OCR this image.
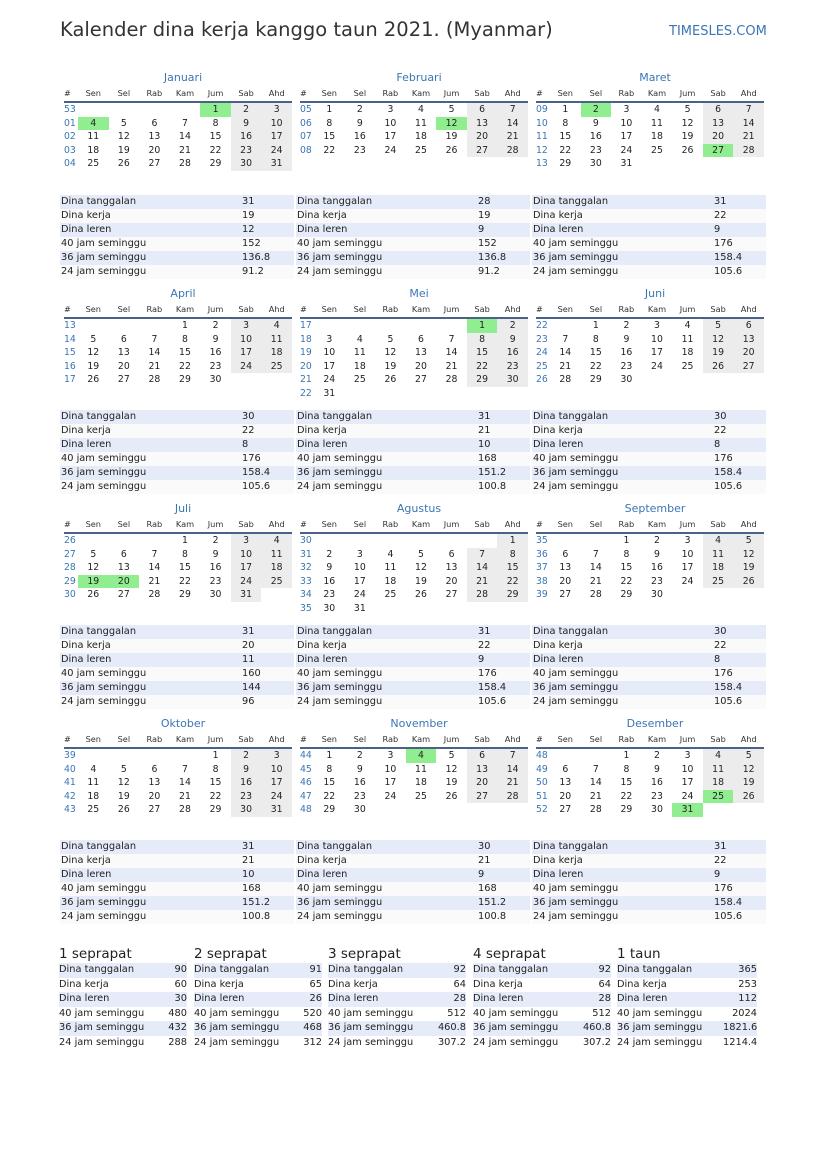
Kalender dina kerja kanggo taun 2021. (Myanmar)	TIMESLES.COM
Januari
#	Sen	Sel	Rab	Kam	Jum	Sab	Ahd
53					1	2	3
01	4	5	6	7	8	9	10
02	11	12	13	14	15	16	17
03	18	19	20	21	22	23	24
04	25	26	27	28	29	30	31
Dina tanggalan	31
Dina kerja	19
Dina leren	12
40 jam seminggu	152
36 jam seminggu	136.8
24 jam seminggu	91.2
Februari
#	Sen	Sel	Rab	Kam	Jum	Sab	Ahd
05	1	2	3	4	5	6	7
06	8	9	10	11	12	13	14
07	15	16	17	18	19	20	21
08	22	23	24	25	26	27	28
Dina tanggalan	28
Dina kerja	19
Dina leren	9
40 jam seminggu	152
36 jam seminggu	136.8
24 jam seminggu	91.2
Maret
#	Sen	Sel	Rab	Kam	Jum	Sab	Ahd
09	1	2	3	4	5	6	7
10	8	9	10	11	12	13	14
11	15	16	17	18	19	20	21
12	22	23	24	25	26	27	28
13	29	30	31				
Dina tanggalan	31
Dina kerja	22
Dina leren	9
40 jam seminggu	176
36 jam seminggu	158.4
24 jam seminggu	105.6
April
#	Sen	Sel	Rab	Kam	Jum	Sab	Ahd
13				1	2	3	4
14	5	6	7	8	9	10	11
15	12	13	14	15	16	17	18
16	19	20	21	22	23	24	25
17	26	27	28	29	30		
Dina tanggalan	30
Dina kerja	22
Dina leren	8
40 jam seminggu	176
36 jam seminggu	158.4
24 jam seminggu	105.6
Mei
#	Sen	Sel	Rab	Kam	Jum	Sab	Ahd
17						1	2
18	3	4	5	6	7	8	9
19	10	11	12	13	14	15	16
20	17	18	19	20	21	22	23
21	24	25	26	27	28	29	30
22	31						
Dina tanggalan	31
Dina kerja	21
Dina leren	10
40 jam seminggu	168
36 jam seminggu	151.2
24 jam seminggu	100.8
Juni
#	Sen	Sel	Rab	Kam	Jum	Sab	Ahd
22		1	2	3	4	5	6
23	7	8	9	10	11	12	13
24	14	15	16	17	18	19	20
25	21	22	23	24	25	26	27
26	28	29	30				
Dina tanggalan	30
Dina kerja	22
Dina leren	8
40 jam seminggu	176
36 jam seminggu	158.4
24 jam seminggu	105.6
Juli
#	Sen	Sel	Rab	Kam	Jum	Sab	Ahd
26				1	2	3	4
27	5	6	7	8	9	10	11
28	12	13	14	15	16	17	18
29	19	20	21	22	23	24	25
30	26	27	28	29	30	31	
Dina tanggalan	31
Dina kerja	20
Dina leren	11
40 jam seminggu	160
36 jam seminggu	144
24 jam seminggu	96
Agustus
#	Sen	Sel	Rab	Kam	Jum	Sab	Ahd
30							1
31	2	3	4	5	6	7	8
32	9	10	11	12	13	14	15
33	16	17	18	19	20	21	22
34	23	24	25	26	27	28	29
35	30	31					
Dina tanggalan	31
Dina kerja	22
Dina leren	9
40 jam seminggu	176
36 jam seminggu	158.4
24 jam seminggu	105.6
September
#	Sen	Sel	Rab	Kam	Jum	Sab	Ahd
35			1	2	3	4	5
36	6	7	8	9	10	11	12
37	13	14	15	16	17	18	19
38	20	21	22	23	24	25	26
39	27	28	29	30			
Dina tanggalan	30
Dina kerja	22
Dina leren	8
40 jam seminggu	176
36 jam seminggu	158.4
24 jam seminggu	105.6
Oktober
#	Sen	Sel	Rab	Kam	Jum	Sab	Ahd
39					1	2	3
40	4	5	6	7	8	9	10
41	11	12	13	14	15	16	17
42	18	19	20	21	22	23	24
43	25	26	27	28	29	30	31
Dina tanggalan	31
Dina kerja	21
Dina leren	10
40 jam seminggu	168
36 jam seminggu	151.2
24 jam seminggu	100.8
November
#	Sen	Sel	Rab	Kam	Jum	Sab	Ahd
44	1	2	3	4	5	6	7
45	8	9	10	11	12	13	14
46	15	16	17	18	19	20	21
47	22	23	24	25	26	27	28
48	29	30					
Dina tanggalan	30
Dina kerja	21
Dina leren	9
40 jam seminggu	168
36 jam seminggu	151.2
24 jam seminggu	100.8
Desember
#	Sen	Sel	Rab	Kam	Jum	Sab	Ahd
48			1	2	3	4	5
49	6	7	8	9	10	11	12
50	13	14	15	16	17	18	19
51	20	21	22	23	24	25	26
52	27	28	29	30	31		
Dina tanggalan	31
Dina kerja	22
Dina leren	9
40 jam seminggu	176
36 jam seminggu	158.4
24 jam seminggu	105.6
1 seprapat
Dina tanggalan	90
Dina kerja	60
Dina leren	30
40 jam seminggu	480
36 jam seminggu	432
24 jam seminggu	288
2 seprapat
Dina tanggalan	91
Dina kerja	65
Dina leren	26
40 jam seminggu	520
36 jam seminggu	468
24 jam seminggu	312
3 seprapat
Dina tanggalan	92
Dina kerja	64
Dina leren	28
40 jam seminggu	512
36 jam seminggu	460.8
24 jam seminggu	307.2
4 seprapat
Dina tanggalan	92
Dina kerja	64
Dina leren	28
40 jam seminggu	512
36 jam seminggu	460.8
24 jam seminggu	307.2
1 taun
Dina tanggalan	365
Dina kerja	253
Dina leren	112
40 jam seminggu	2024
36 jam seminggu	1821.6
24 jam seminggu	1214.4
